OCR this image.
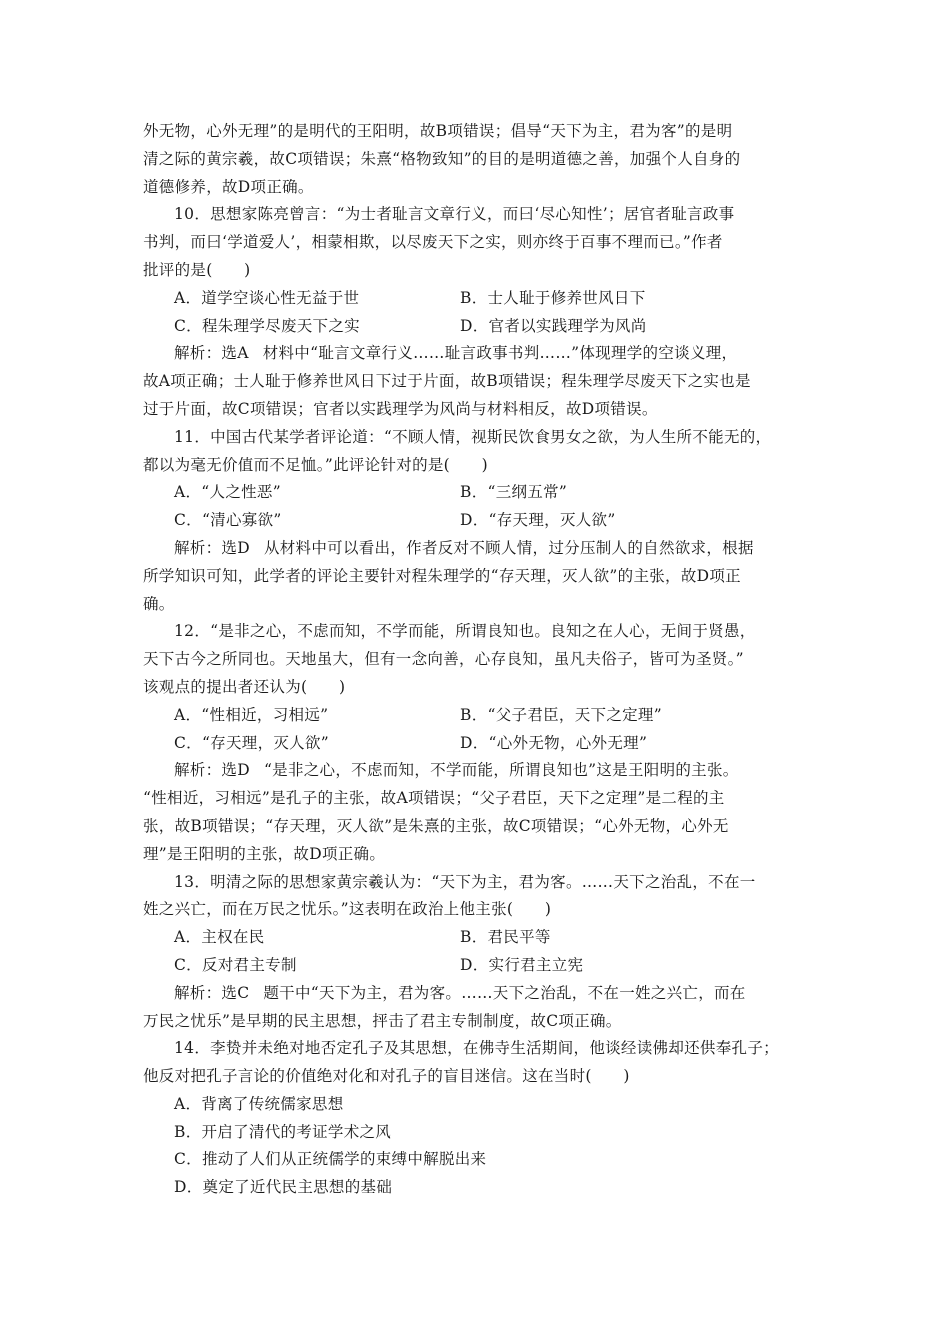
外无物，心外无理”的是明代的王阳明，故B项错误；倡导“天下为主，君为客”的是明

清之际的黄宗羲，故C项错误；朱熹“格物致知”的目的是明道德之善，加强个人自身的

道德修养，故D项正确。

10．思想家陈亮曾言：“为士者耻言文章行义，而曰‘尽心知性’；居官者耻言政事

书判，而曰‘学道爱人’，相蒙相欺，以尽废天下之实，则亦终于百事不理而已。”作者

批评的是(　　)

A．道学空谈心性无益于世	B．士人耻于修养世风日下
C．程朱理学尽废天下之实	D．官者以实践理学为风尚

解析：选A 材料中“耻言文章行义……耻言政事书判……”体现理学的空谈义理，

故A项正确；士人耻于修养世风日下过于片面，故B项错误；程朱理学尽废天下之实也是

过于片面，故C项错误；官者以实践理学为风尚与材料相反，故D项错误。

11．中国古代某学者评论道：“不顾人情，视斯民饮食男女之欲，为人生所不能无的，

都以为毫无价值而不足恤。”此评论针对的是(　　)

A．“人之性恶”	B．“三纲五常”
C．“清心寡欲”	D．“存天理，灭人欲”

解析：选D 从材料中可以看出，作者反对不顾人情，过分压制人的自然欲求，根据

所学知识可知，此学者的评论主要针对程朱理学的“存天理，灭人欲”的主张，故D项正

确。

12．“是非之心，不虑而知，不学而能，所谓良知也。良知之在人心，无间于贤愚，

天下古今之所同也。天地虽大，但有一念向善，心存良知，虽凡夫俗子，皆可为圣贤。”

该观点的提出者还认为(　　)

A．“性相近，习相远”	B．“父子君臣，天下之定理”
C．“存天理，灭人欲”	D．“心外无物，心外无理”

解析：选D “是非之心，不虑而知，不学而能，所谓良知也”这是王阳明的主张。

“性相近，习相远”是孔子的主张，故A项错误；“父子君臣，天下之定理”是二程的主

张，故B项错误；“存天理，灭人欲”是朱熹的主张，故C项错误；“心外无物，心外无

理”是王阳明的主张，故D项正确。

13．明清之际的思想家黄宗羲认为：“天下为主，君为客。……天下之治乱，不在一

姓之兴亡，而在万民之忧乐。”这表明在政治上他主张(　　)

A．主权在民	B．君民平等
C．反对君主专制	D．实行君主立宪

解析：选C 题干中“天下为主，君为客。……天下之治乱，不在一姓之兴亡，而在

万民之忧乐”是早期的民主思想，抨击了君主专制制度，故C项正确。

14．李贽并未绝对地否定孔子及其思想，在佛寺生活期间，他谈经读佛却还供奉孔子；

他反对把孔子言论的价值绝对化和对孔子的盲目迷信。这在当时(　　)

A．背离了传统儒家思想
B．开启了清代的考证学术之风
C．推动了人们从正统儒学的束缚中解脱出来
D．奠定了近代民主思想的基础
